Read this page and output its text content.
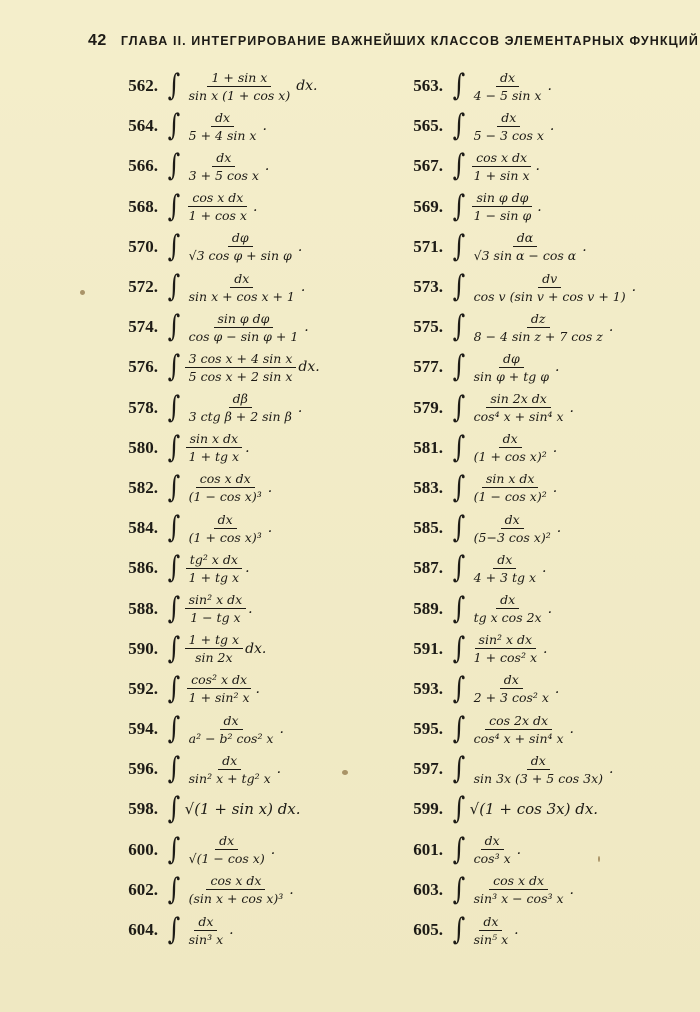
42 ГЛАВА II. ИНТЕГРИРОВАНИЕ ВАЖНЕЙШИХ КЛАССОВ ЭЛЕМЕНТАРНЫХ ФУНКЦИЙ
562. ∫ $\frac{\text{1 + sin x}}{\text{sin x (1 + cos x)}}$ dx.	563. ∫ $\frac{dx}{\text{4 − 5 sin x}}$ .
564. ∫ $\frac{dx}{\text{5 + 4 sin x}}$ .	565. ∫ $\frac{dx}{\text{5 − 3 cos x}}$ .
566. ∫ $\frac{dx}{\text{3 + 5 cos x}}$ .	567. ∫ $\frac{\text{cos x dx}}{\text{1 + sin x}}$ .
568. ∫ $\frac{\text{cos x dx}}{\text{1 + cos x}}$ .	569. ∫ $\frac{\text{sin φ dφ}}{\text{1 − sin φ}}$ .
570. ∫ $\frac{d\varphi}{\text{√3 cos φ + sin φ}}$ .	571. ∫ $\frac{d\alpha}{\text{√3 sin α − cos α}}$ .
572. ∫ $\frac{dx}{\text{sin x + cos x + 1}}$ .	573. ∫ $\frac{dv}{\text{cos v (sin v + cos v + 1)}}$ .
574. ∫ $\frac{\text{sin φ dφ}}{\text{cos φ − sin φ + 1}}$ .	575. ∫ $\frac{dz}{\text{8 − 4 sin z + 7 cos z}}$ .
576. ∫ $\frac{\text{3 cos x + 4 sin x}}{\text{5 cos x + 2 sin x}}$ dx.	577. ∫ $\frac{d\varphi}{\text{sin φ + tg φ}}$ .
578. ∫ $\frac{d\beta}{\text{3 ctg β + 2 sin β}}$ .	579. ∫ $\frac{\text{sin 2x dx}}{\text{cos⁴ x + sin⁴ x}}$ .
580. ∫ $\frac{\text{sin x dx}}{\text{1 + tg x}}$ .	581. ∫ $\frac{dx}{\text{(1 + cos x)²}}$ .
582. ∫ $\frac{\text{cos x dx}}{\text{(1 − cos x)³}}$ .	583. ∫ $\frac{\text{sin x dx}}{\text{(1 − cos x)²}}$ .
584. ∫ $\frac{dx}{\text{(1 + cos x)³}}$ .	585. ∫ $\frac{dx}{\text{(5−3 cos x)²}}$ .
586. ∫ $\frac{\text{tg² x dx}}{\text{1 + tg x}}$ .	587. ∫ $\frac{dx}{\text{4 + 3 tg x}}$ .
588. ∫ $\frac{\text{sin² x dx}}{\text{1 − tg x}}$ .	589. ∫ $\frac{dx}{\text{tg x cos 2x}}$ .
590. ∫ $\frac{\text{1 + tg x}}{\sin 2x}$ dx.	591. ∫ $\frac{\text{sin² x dx}}{\text{1 + cos² x}}$ .
592. ∫ $\frac{\text{cos² x dx}}{\text{1 + sin² x}}$ .	593. ∫ $\frac{dx}{\text{2 + 3 cos² x}}$ .
594. ∫ $\frac{dx}{\text{a² − b² cos² x}}$ .	595. ∫ $\frac{\text{cos 2x dx}}{\text{cos⁴ x + sin⁴ x}}$ .
596. ∫ $\frac{dx}{\text{sin² x + tg² x}}$ .	597. ∫ $\frac{dx}{\sin 3x (3 + 5 \cos 3x)}$ .
598. ∫ √(1 + sin x) dx.	599. ∫ √(1 + cos 3x) dx.
600. ∫ $\frac{dx}{\text{√(1 − cos x)}}$ .	601. ∫ $\frac{dx}{\text{cos³ x}}$ .
602. ∫ $\frac{\text{cos x dx}}{\text{(sin x + cos x)³}}$ .	603. ∫ $\frac{\text{cos x dx}}{\text{sin³ x − cos³ x}}$ .
604. ∫ $\frac{dx}{\text{sin³ x}}$ .	605. ∫ $\frac{dx}{\text{sin⁵ x}}$ .
